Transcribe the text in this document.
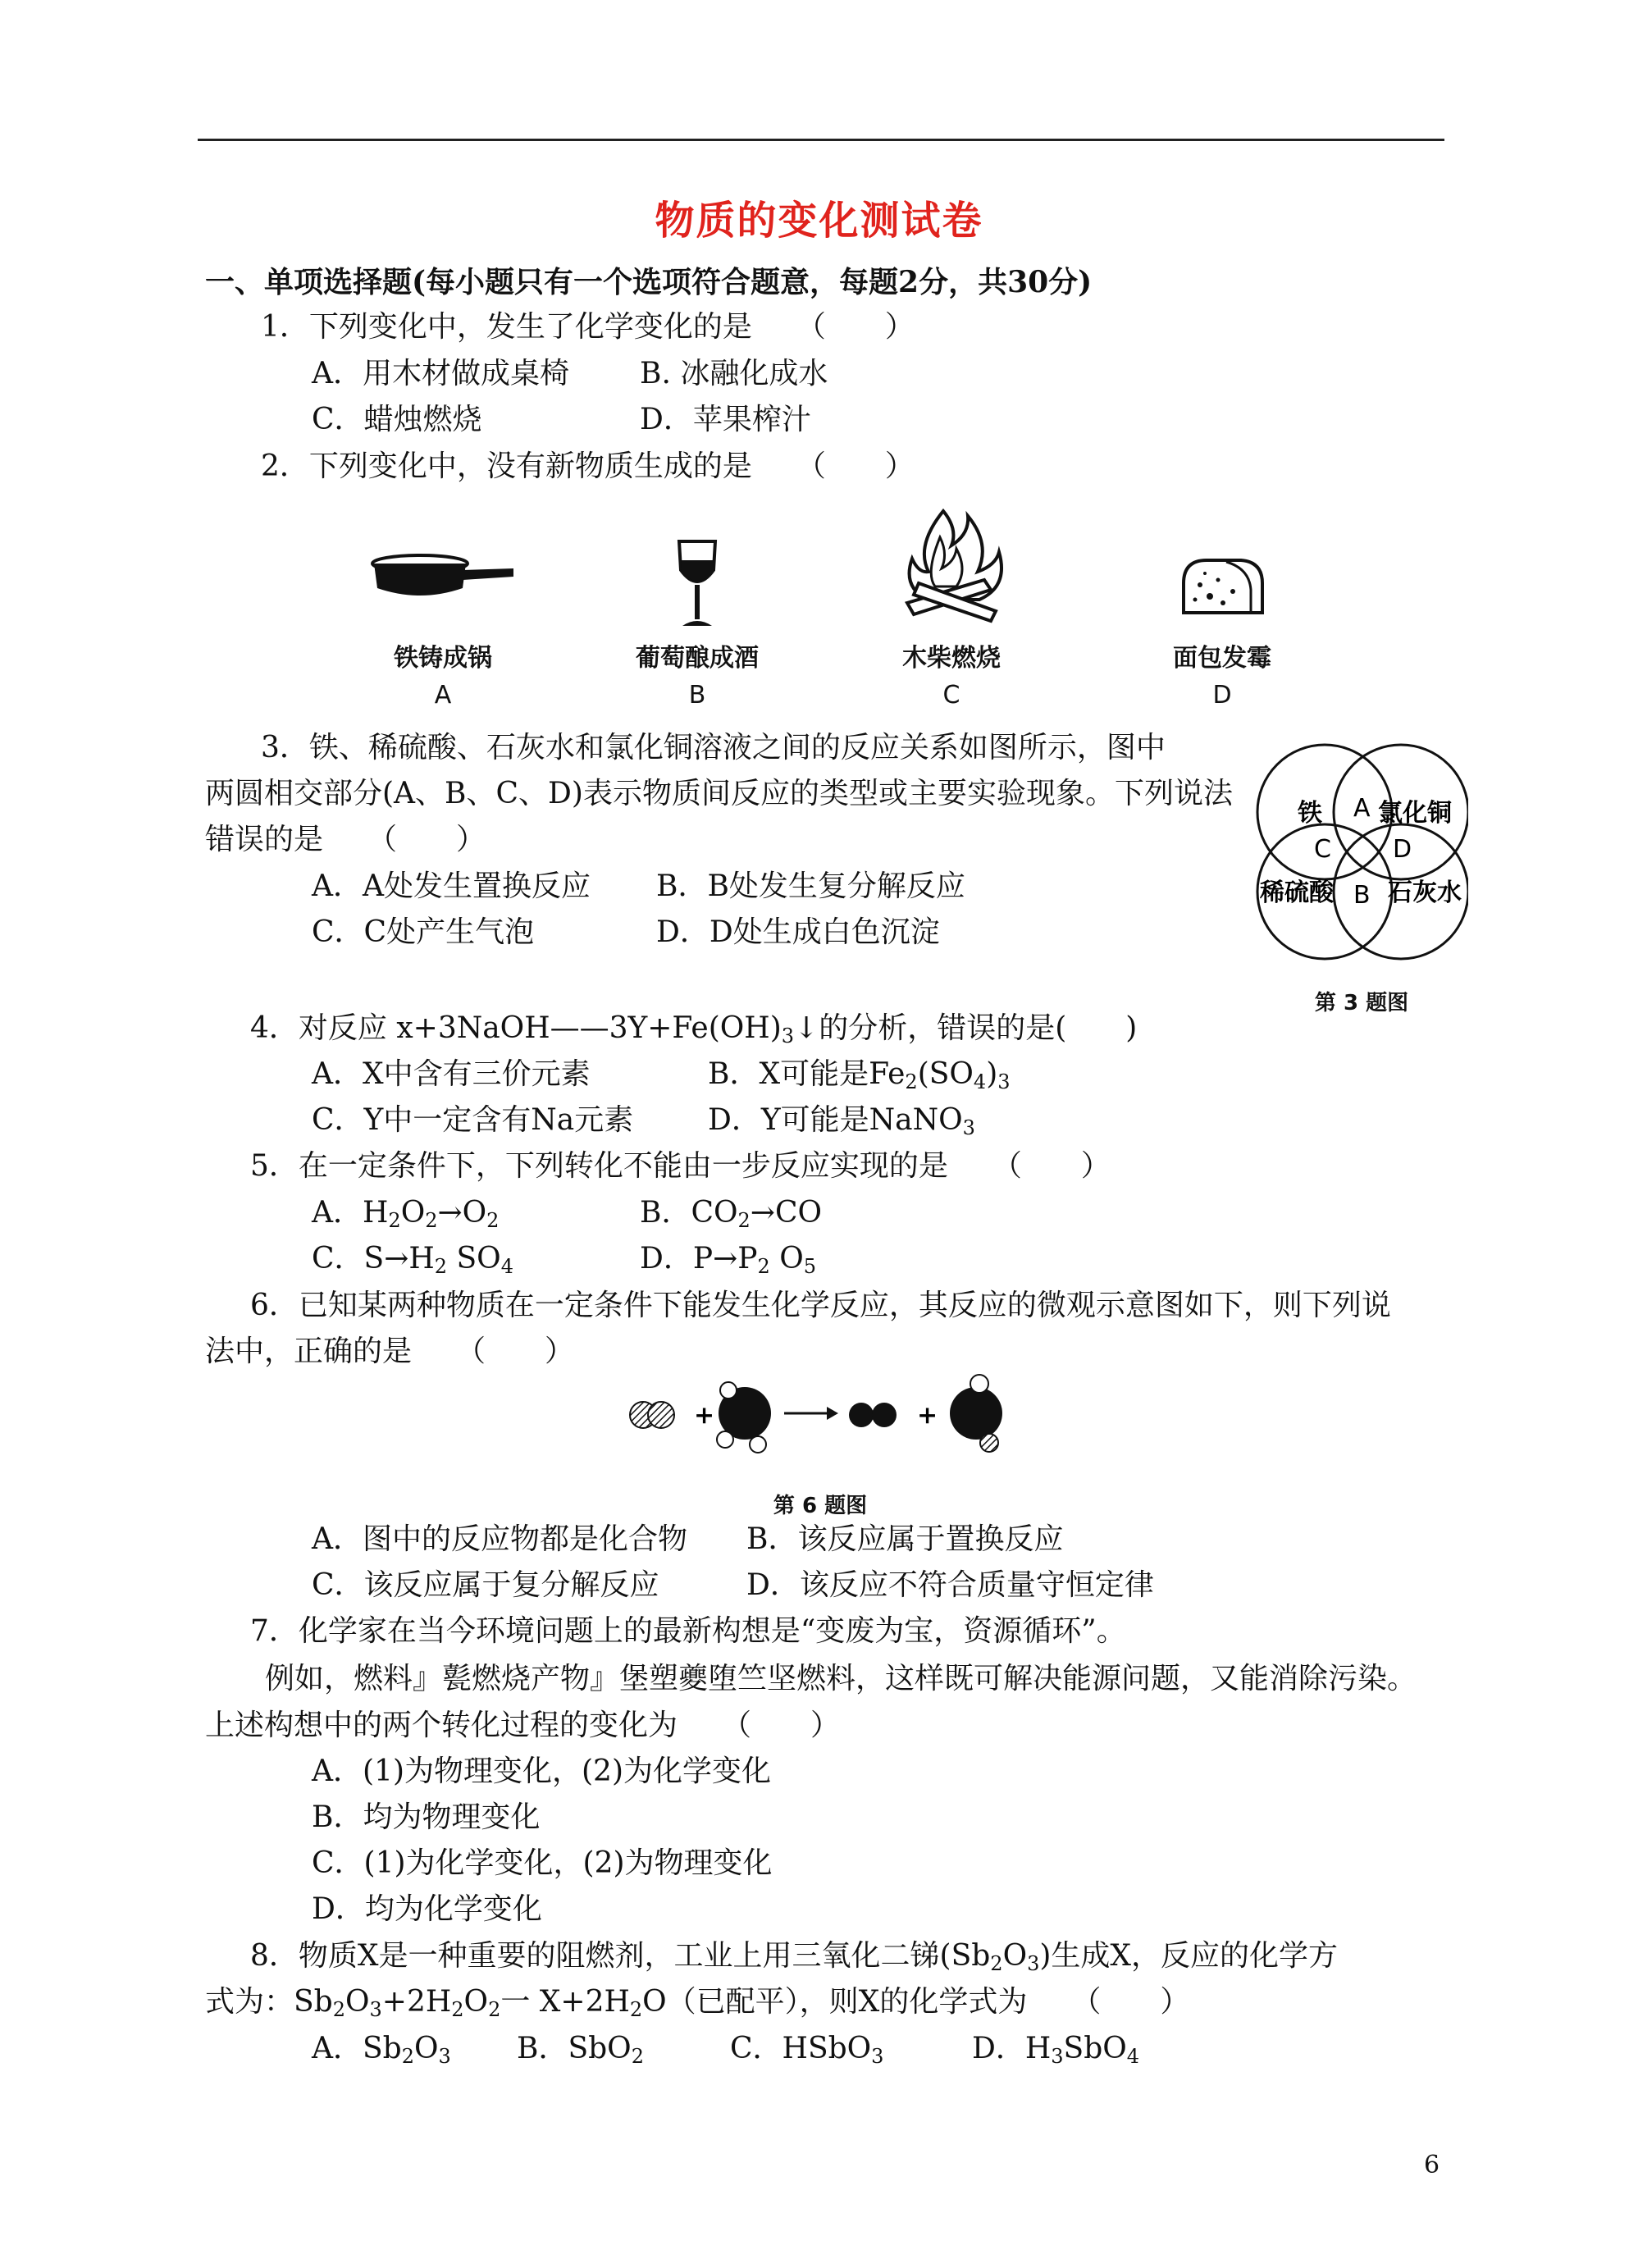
物质的变化测试卷
一、单项选择题(每小题只有一个选项符合题意，每题2分，共30分)
1．下列变化中，发生了化学变化的是　　（　　）
A．用木材做成桌椅 B. 冰融化成水
C．蜡烛燃烧	D．苹果榨汁
2．下列变化中，没有新物质生成的是　　（　　）
铁铸成锅	葡萄酿成酒	木柴燃烧	面包发霉
A	B	C	D
3．铁、稀硫酸、石灰水和氯化铜溶液之间的反应关系如图所示，图中
两圆相交部分(A、B、C、D)表示物质间反应的类型或主要实验现象。下列说法
错误的是　　（　　）
A．A处发生置换反应 B．B处发生复分解反应
C．C处产生气泡	D．D处生成白色沉淀
铁 氯化铜
稀硫酸 石灰水
A
B
C	D
第 3 题图
4．对反应 $x+3NaOH——3Y+Fe(OH)_3↓$的分析，错误的是(　　)
A．X中含有三价元素	B．X可能是$Fe_2(SO_4)_3$
C．Y中一定含有Na元素	D．Y可能是NaNO$_3$
5．在一定条件下，下列转化不能由一步反应实现的是　　（　　）
A．$H_2O_2\to O_2$	B．$CO_2\to CO$
C．$S\to H_2$ $SO_4$	D．$P\to P_2$ $O_5$
6．已知某两种物质在一定条件下能发生化学反应，其反应的微观示意图如下，则下列说
法中，正确的是　　（　　）
+	+
第 6 题图
A．图中的反应物都是化合物 B．该反应属于置换反应
C．该反应属于复分解反应	D．该反应不符合质量守恒定律
7．化学家在当今环境问题上的最新构想是“变废为宝，资源循环”。
例如，燃料』甏燃烧产物』堡塑夔堕竺坚燃料，这样既可解决能源问题，又能消除污染。
上述构想中的两个转化过程的变化为　　（　　）
A．(1)为物理变化，(2)为化学变化
B．均为物理变化
C．(1)为化学变化，(2)为物理变化
D．均为化学变化
8．物质X是一种重要的阻燃剂，工业上用三氧化二锑$(Sb_2O_3)$生成X，反应的化学方
式为：$Sb_2O_3+2H_2O_2$一 $X+2H_2O$（已配平），则X的化学式为　　（　　）
A．$Sb_2O_3$ B．SbO$_2$	C．HSbO$_3$	D．$H_3SbO_4$
6
